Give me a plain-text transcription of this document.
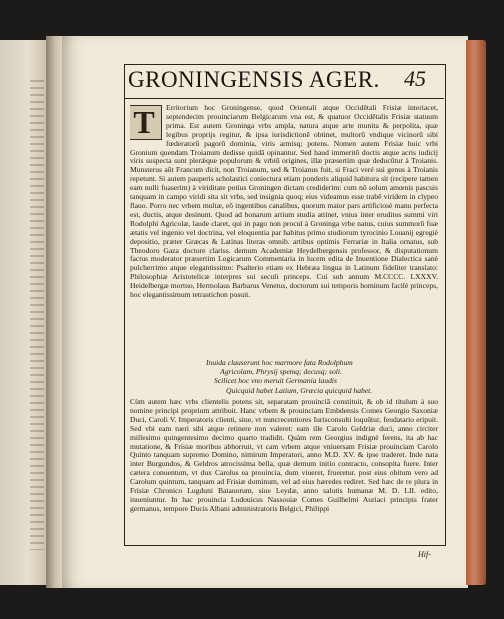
GRONINGENSIS AGER. 45
T	Erritorium hoc Groningense, quod Orientali atque Occidētali Frisiæ interiacet, septendecim prouinciarum Belgicarum vna est, & quatuor Occidētalis Frisiæ statuum prima. Est autem Groninga vrbs ampla, natura atque arte munita & perpolita, quæ legibus proprijs regitur, & ipsa iurisdictionē obtinet, multorū vndique vicinorū sibi fœderatorū pagorū dominia, viris armisq; potens. Nomen autem Frisiæ huic vrbi Gronium quendam Troianum dedisse quidā opinantur. Sed haud immeritō doctis atque acris iudicij viris suspecta sunt plerǽque populorum & vrbiū origines, illæ præsertim quæ deducūtur à Troianis. Munsterus aūt Francum dicit, non Troianum, sed & Troianus fuit, si Fraci veré sui genus à Troianis repetunt. Si autem pauperis scholastici coniectura etiam ponderis aliquid habitura sit (recipere tamen eam nulli fuaserim) à viriditate potius Groningen dictam crediderim: cum nō solum amœnis pascuis tanquam in campo viridi sita sit vrbs, sed insignia quoq; eius videamus esse trabē viridem in clypeo flauo. Porro nec vrbem multæ, eō ingentibus canalibus, quorum maior pars artificiosè manu perfecta est, ductis, atque desinunt. Quod ad bonarum artium studia attinet, vnius inter eruditos summi viri Rodolphi Agricolæ, laude claret, qui in pago non procul à Groninga vrbe natus, cuius summorū fuæ ætatis vel ingenio vel doctrina, vel eloquentia par habitus primo studiorum tyrocinio Louanij egregiè depositio, præter Græcas & Latinas literas omnib. artibus optimis Ferrariæ in Italia ornatus, sub Theodoro Gaza doctore clariss. demum Academiæ Heydelbergensis professor, & disputationum factus moderator præsertim Logicarum Commentaria in lucem edita de Inuentione Dialectica sanè pulcherrimo atque elegantissimo: Psalterio etiam ex Hebræa lingua in Latinum fideliter translato: Philosophiæ Aristotelicæ interpres sui seculi princeps. Cui sub annum M.CCCC. LXXXV. Heidelbergæ mortuo, Hermolaus Barbarus Venetus, doctorum sui temporis hominum facilè princeps, hoc elegantissimum tetrastichon posuit.
Inuida clauserunt hoc marmore fata Rodolphum
Agricolam, Phrysij spemq; decusq; soli.
Scilicet hoc vno meruit Germania laudis
Quicquid habet Latium, Græcia quicquid habet.
Cùm autem hæc vrbs clientelis potens sit, separatam prouinciā constituit, & ob id titulum à suo nomine principi proprium attribuit. Hanc vrbem & prouinciam Embdensis Comes Georgio Saxoniæ Duci, Caroli V. Imperatoris clienti, siue, vt nuncrecentiores Iurisconsulti loquūtur, feudatario eripuit. Sed vbi eam tueri sibi atque retinere non valeret: eam ille Carolo Geldriæ duci, anno circiter millesimo quingentesimo decimo quarto tradidit. Quàm rem Georgius indignè ferens, ita ab hac mutatione, & Frisiæ moribus abhorruit, vt cam vrbem atque vniuersam Frisiæ prouinciam Carolo Quinto tanquam supremo Domino, nimirum Imperatori, anno M.D. XV. & ipse traderet. Inde nata inter Burgundos, & Geldros atrocissima bella, quæ demum initio contracto, consopita fuere. Inter cætera conuentum, vt dux Carolus ea prouincia, dum viueret, frueretur. post eius obitum vero ad Carolum quintum, tanquam ad Frisiæ dominum, vel ad eius hæredes rediret. Sed hæc de re plura in Frisiæ Chronico Lugduni Batauorum, siue Leydæ, anno salutis humanæ M. D. LII. edito, inueniuntur. In hac prouincia Ludouicus Nassouiæ Comes Guilhelmi Auriaci principis frater germanus, tempore Ducis Albani administratoris Belgici, Philippi
Hif-
